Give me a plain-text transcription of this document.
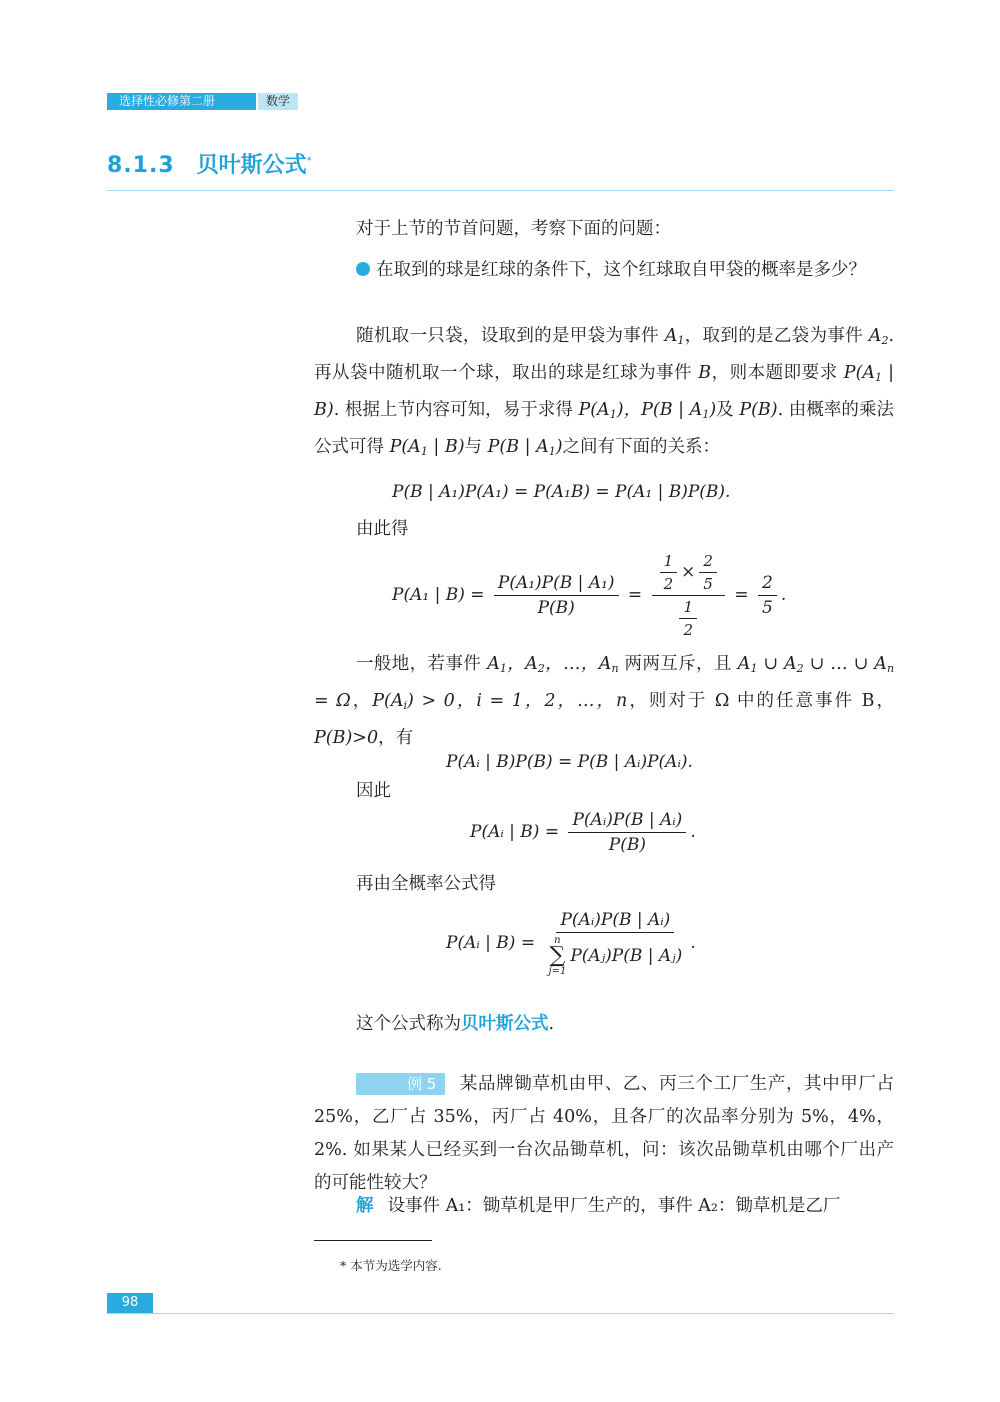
选择性必修第二册	数学
8.1.3 贝叶斯公式*
对于上节的节首问题，考察下面的问题：
在取到的球是红球的条件下，这个红球取自甲袋的概率是多少？
随机取一只袋，设取到的是甲袋为事件 $A_1$，取到的是乙袋为事件 $A_2$. 再从袋中随机取一个球，取出的球是红球为事件 B，则本题即要求 $P(A_1$ | B). 根据上节内容可知，易于求得 $P(A_1)$，P(B | $A_1$)及 P(B). 由概率的乘法公式可得 $P(A_1$ | B)与 P(B | $A_1$)之间有下面的关系：
P(B | A₁)P(A₁) = P(A₁B) = P(A₁ | B)P(B).
由此得
P(A₁ | $B) = \frac{\text{P(A₁)P(B | A₁)}}{P(B)} = \frac{\frac{1}{2} \times \frac{2}{5}}{\frac{1}{2}} = \frac{2}{5}$ .
一般地，若事件 $A_1$，$A_2$，…，$A_n$ 两两互斥，且 $A_1$ ∪ $A_2$ ∪ … ∪ $A_n = \Omega$，$P(A_i) > 0$，i = 1，2，…，n，则对于 Ω 中的任意事件 B，P(B)>0，有
P(Aᵢ | B)P(B) = P(B | Aᵢ)P(Aᵢ).
因此
P(Aᵢ | $B) = \frac{\text{P(Aᵢ)P(B | Aᵢ)}}{P(B)}$ .
再由全概率公式得
P(Aᵢ | B) = P(Aᵢ)P(B | Aᵢ)
n
∑
j=1
P(Aⱼ)P(B | Aⱼ) .
这个公式称为贝叶斯公式.
例 5 某品牌锄草机由甲、乙、丙三个工厂生产，其中甲厂占 25%，乙厂占 35%，丙厂占 40%，且各厂的次品率分别为 5%，4%，2%. 如果某人已经买到一台次品锄草机，问：该次品锄草机由哪个厂出产的可能性较大？
解 设事件 A₁：锄草机是甲厂生产的，事件 A₂：锄草机是乙厂
* 本节为选学内容.
98
